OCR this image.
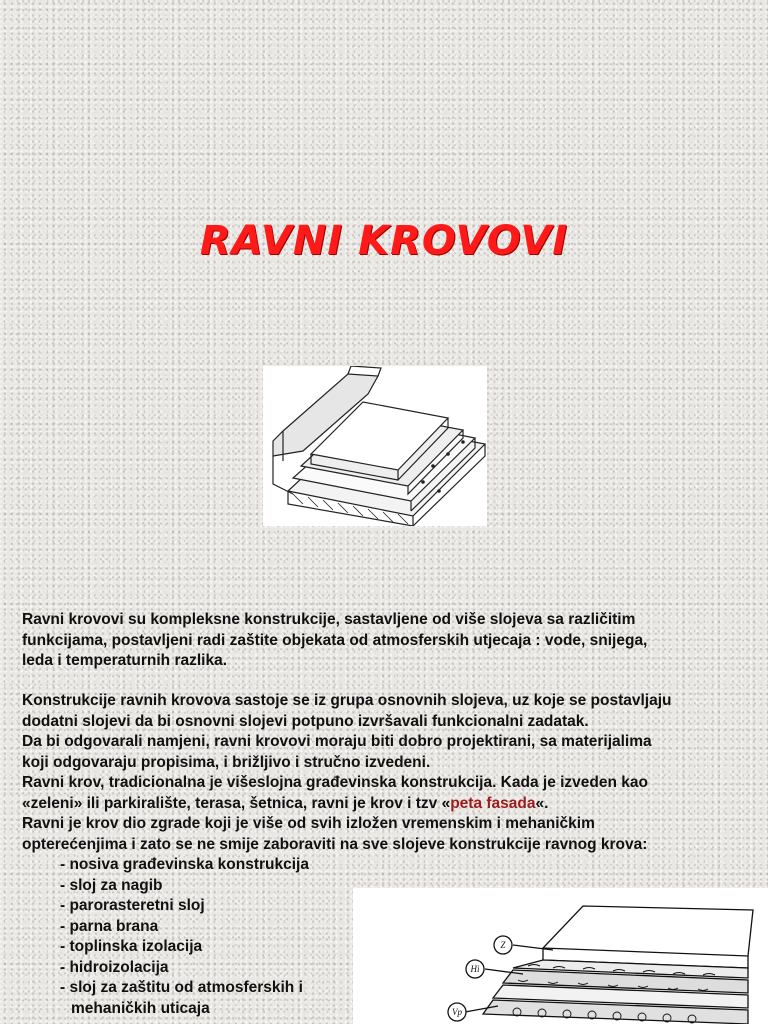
RAVNI KROVOVI
Ravni krovovi su kompleksne konstrukcije, sastavljene od više slojeva sa različitim
funkcijama, postavljeni radi zaštite objekata od atmosferskih utjecaja : vode, snijega,
leda i temperaturnih razlika.
Konstrukcije ravnih krovova sastoje se iz grupa osnovnih slojeva, uz koje se postavljaju
dodatni slojevi da bi osnovni slojevi potpuno izvršavali funkcionalni zadatak.
Da bi odgovarali namjeni, ravni krovovi moraju biti dobro projektirani, sa materijalima
koji odgovaraju propisima, i brižljivo i stručno izvedeni.
Ravni krov, tradicionalna je višeslojna građevinska konstrukcija. Kada je izveden kao
«zeleni» ili parkiralište, terasa, šetnica, ravni je krov i tzv «peta fasada«.
Ravni je krov dio zgrade koji je više od svih izložen vremenskim i mehaničkim
opterećenjima i zato se ne smije zaboraviti na sve slojeve konstrukcije ravnog krova:
- nosiva građevinska konstrukcija
- sloj za nagib
- parorasteretni sloj
- parna brana
- toplinska izolacija
- hidroizolacija
- sloj za zaštitu od atmosferskih i
mehaničkih uticaja
Z
Hi
Vp
